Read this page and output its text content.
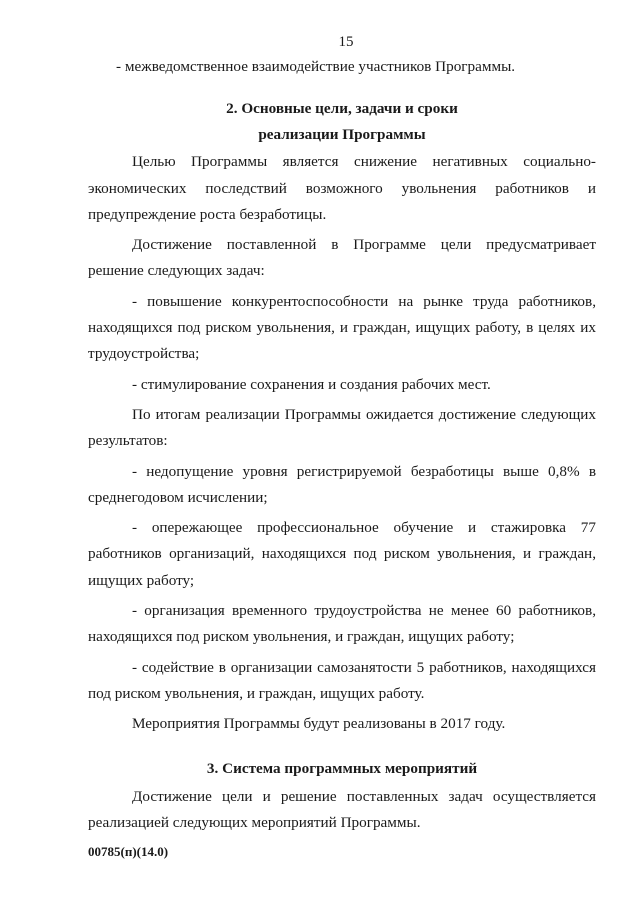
15

- межведомственное взаимодействие участников Программы.

2. Основные цели, задачи и сроки
реализации Программы

Целью Программы является снижение негативных социально-экономических последствий возможного увольнения работников и предупреждение роста безработицы.

Достижение поставленной в Программе цели предусматривает решение следующих задач:

- повышение конкурентоспособности на рынке труда работников, находящихся под риском увольнения, и граждан, ищущих работу, в целях их трудоустройства;

- стимулирование сохранения и создания рабочих мест.

По итогам реализации Программы ожидается достижение следующих результатов:

- недопущение уровня регистрируемой безработицы выше 0,8% в среднегодовом исчислении;

- опережающее профессиональное обучение и стажировка 77 работников организаций, находящихся под риском увольнения, и граждан, ищущих работу;

- организация временного трудоустройства не менее 60 работников, находящихся под риском увольнения, и граждан, ищущих работу;

- содействие в организации самозанятости 5 работников, находящихся под риском увольнения, и граждан, ищущих работу.

Мероприятия Программы будут реализованы в 2017 году.

3. Система программных мероприятий

Достижение цели и решение поставленных задач осуществляется реализацией следующих мероприятий Программы.

00785(п)(14.0)
